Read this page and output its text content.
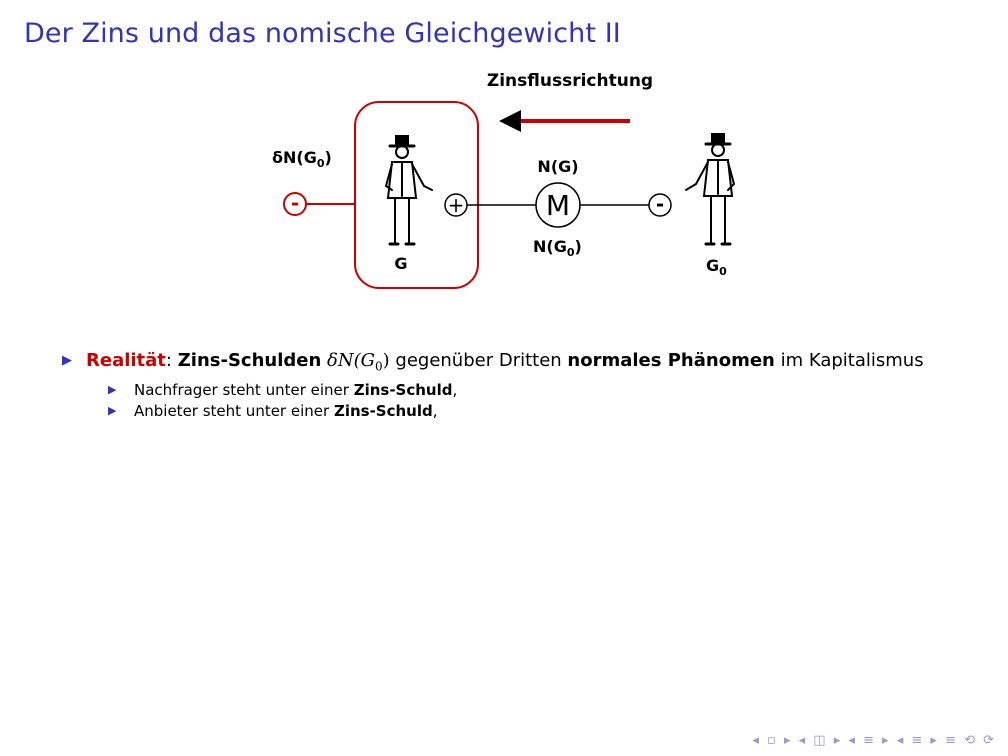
Der Zins und das nomische Gleichgewicht II
Zinsflussrichtung
$\delta N(G_0)$
-
G
+	M
N(G)
$N(G_0)$
-
$G_0$
▶ Realität: Zins-Schulden $\delta N(G_0)$ gegenüber Dritten normales Phänomen im Kapitalismus
▶ Nachfrager steht unter einer Zins-Schuld,
▶ Anbieter steht unter einer Zins-Schuld,
◂ ▫ ▸ ◂ ◫ ▸ ◂ ≡ ▸ ◂ ≡ ▸ ≡ ⟲ ⟳
